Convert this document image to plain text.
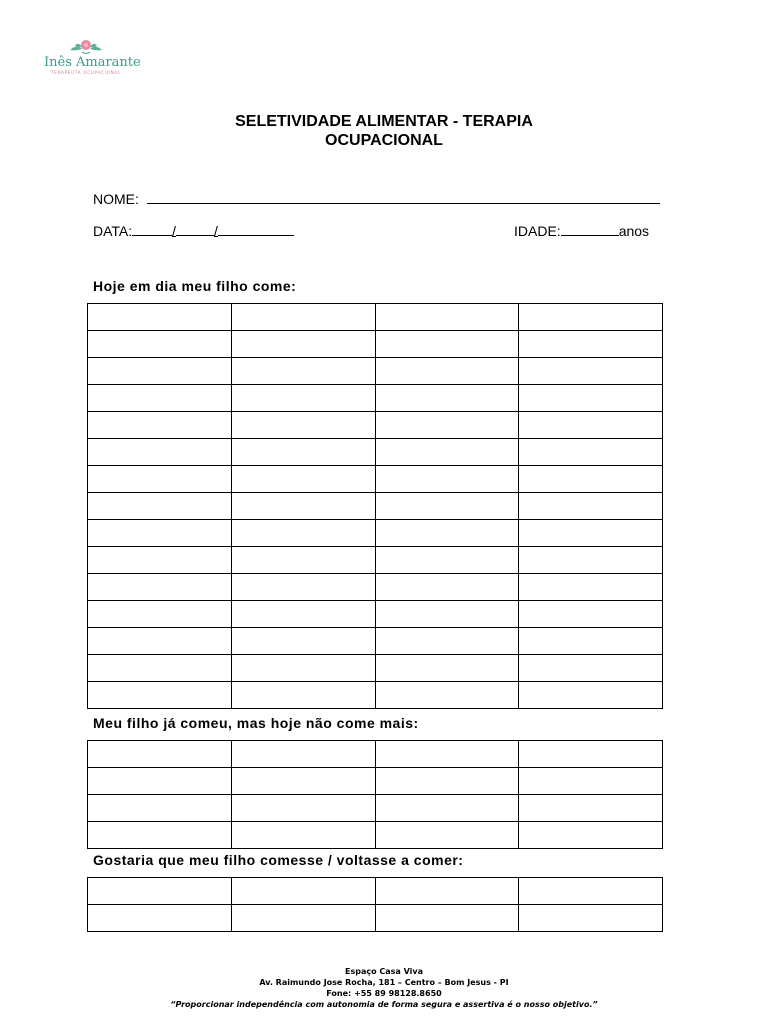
Inês Amarante
TERAPEUTA OCUPACIONAL
SELETIVIDADE ALIMENTAR - TERAPIA
OCUPACIONAL
NOME:
DATA:	/	/	IDADE:	anos
Hoje em dia meu filho come:

Meu filho já comeu, mas hoje não come mais:

Gostaria que meu filho comesse / voltasse a comer:

Espaço Casa Viva
Av. Raimundo Jose Rocha, 181 – Centro – Bom Jesus - PI
Fone: +55 89 98128.8650
“Proporcionar independência com autonomia de forma segura e assertiva é o nosso objetivo.”
